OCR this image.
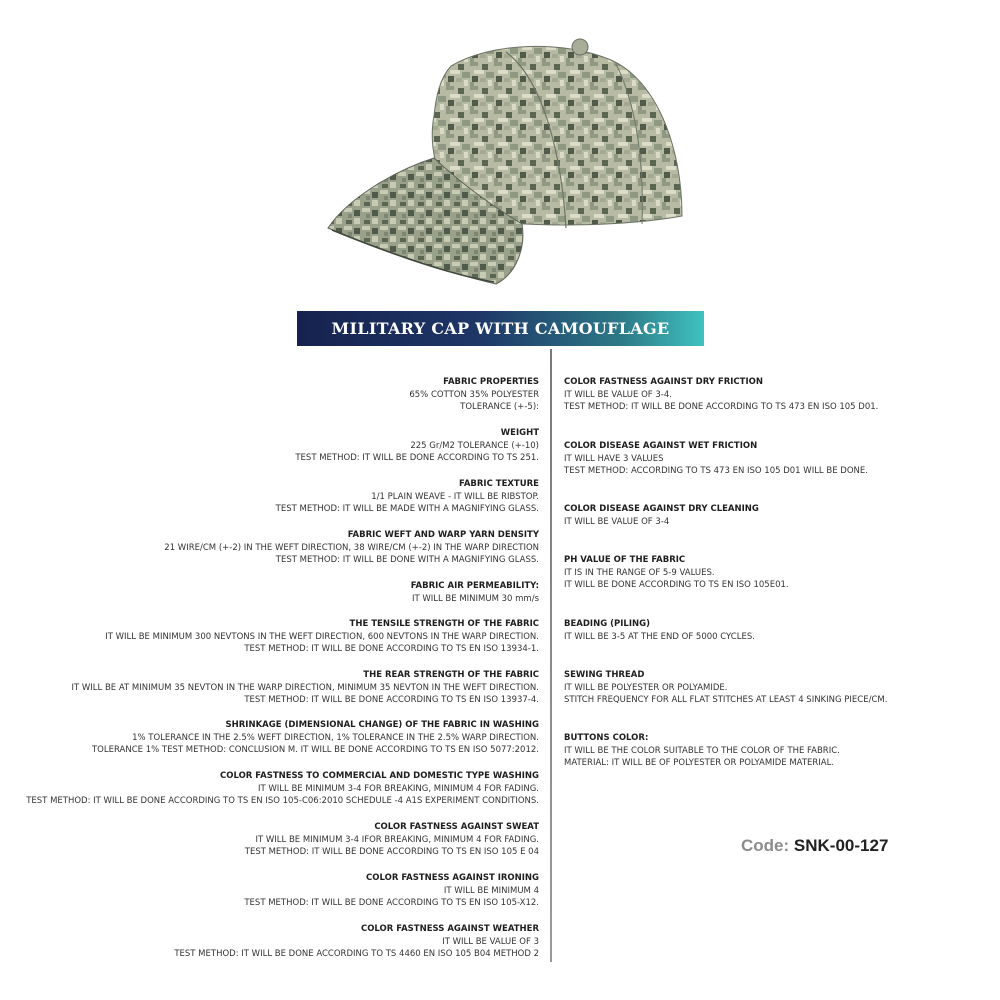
MILITARY CAP WITH CAMOUFLAGE
FABRIC PROPERTIES
65% COTTON 35% POLYESTER
TOLERANCE (+-5):
WEIGHT
225 Gr/M2 TOLERANCE (+-10)
TEST METHOD: IT WILL BE DONE ACCORDING TO TS 251.
FABRIC TEXTURE
1/1 PLAIN WEAVE - IT WILL BE RIBSTOP.
TEST METHOD: IT WILL BE MADE WITH A MAGNIFYING GLASS.
FABRIC WEFT AND WARP YARN DENSITY
21 WIRE/CM (+-2) IN THE WEFT DIRECTION, 38 WIRE/CM (+-2) IN THE WARP DIRECTION
TEST METHOD: IT WILL BE DONE WITH A MAGNIFYING GLASS.
FABRIC AIR PERMEABILITY:
IT WILL BE MINIMUM 30 mm/s
THE TENSILE STRENGTH OF THE FABRIC
IT WILL BE MINIMUM 300 NEVTONS IN THE WEFT DIRECTION, 600 NEVTONS IN THE WARP DIRECTION.
TEST METHOD: IT WILL BE DONE ACCORDING TO TS EN ISO 13934-1.
THE REAR STRENGTH OF THE FABRIC
IT WILL BE AT MINIMUM 35 NEVTON IN THE WARP DIRECTION, MINIMUM 35 NEVTON IN THE WEFT DIRECTION.
TEST METHOD: IT WILL BE DONE ACCORDING TO TS EN ISO 13937-4.
SHRINKAGE (DIMENSIONAL CHANGE) OF THE FABRIC IN WASHING
1% TOLERANCE IN THE 2.5% WEFT DIRECTION, 1% TOLERANCE IN THE 2.5% WARP DIRECTION.
TOLERANCE 1% TEST METHOD: CONCLUSION M. IT WILL BE DONE ACCORDING TO TS EN ISO 5077:2012.
COLOR FASTNESS TO COMMERCIAL AND DOMESTIC TYPE WASHING
IT WILL BE MINIMUM 3-4 FOR BREAKING, MINIMUM 4 FOR FADING.
TEST METHOD: IT WILL BE DONE ACCORDING TO TS EN ISO 105-C06:2010 SCHEDULE -4 A1S EXPERIMENT CONDITIONS.
COLOR FASTNESS AGAINST SWEAT
IT WILL BE MINIMUM 3-4 IFOR BREAKING, MINIMUM 4 FOR FADING.
TEST METHOD: IT WILL BE DONE ACCORDING TO TS EN ISO 105 E 04
COLOR FASTNESS AGAINST IRONING
IT WILL BE MINIMUM 4
TEST METHOD: IT WILL BE DONE ACCORDING TO TS EN ISO 105-X12.
COLOR FASTNESS AGAINST WEATHER
IT WILL BE VALUE OF 3
TEST METHOD: IT WILL BE DONE ACCORDING TO TS 4460 EN ISO 105 B04 METHOD 2
COLOR FASTNESS AGAINST DRY FRICTION
IT WILL BE VALUE OF 3-4.
TEST METHOD: IT WILL BE DONE ACCORDING TO TS 473 EN ISO 105 D01.
COLOR DISEASE AGAINST WET FRICTION
IT WILL HAVE 3 VALUES
TEST METHOD: ACCORDING TO TS 473 EN ISO 105 D01 WILL BE DONE.
COLOR DISEASE AGAINST DRY CLEANING
IT WILL BE VALUE OF 3-4
PH VALUE OF THE FABRIC
IT IS IN THE RANGE OF 5-9 VALUES.
IT WILL BE DONE ACCORDING TO TS EN ISO 105E01.
BEADING (PILING)
IT WILL BE 3-5 AT THE END OF 5000 CYCLES.
SEWING THREAD
IT WILL BE POLYESTER OR POLYAMIDE.
STITCH FREQUENCY FOR ALL FLAT STITCHES AT LEAST 4 SINKING PIECE/CM.
BUTTONS COLOR:
IT WILL BE THE COLOR SUITABLE TO THE COLOR OF THE FABRIC.
MATERIAL: IT WILL BE OF POLYESTER OR POLYAMIDE MATERIAL.
Code: SNK-00-127
